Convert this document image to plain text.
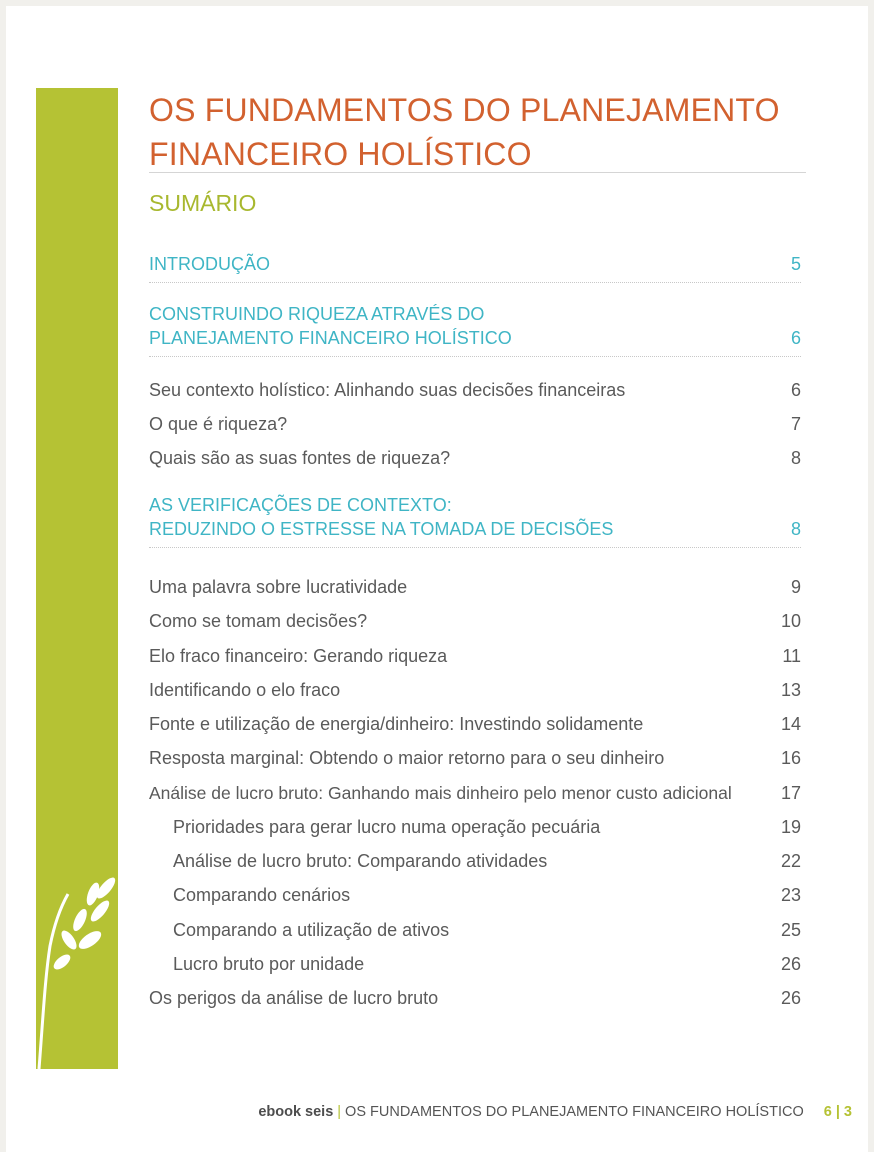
OS FUNDAMENTOS DO PLANEJAMENTO
FINANCEIRO HOLÍSTICO
SUMÁRIO
INTRODUÇÃO	5
CONSTRUINDO RIQUEZA ATRAVÉS DO
PLANEJAMENTO FINANCEIRO HOLÍSTICO	6
Seu contexto holístico: Alinhando suas decisões financeiras	6
O que é riqueza?	7
Quais são as suas fontes de riqueza?	8
AS VERIFICAÇÕES DE CONTEXTO:
REDUZINDO O ESTRESSE NA TOMADA DE DECISÕES	8
Uma palavra sobre lucratividade	9
Como se tomam decisões?	10
Elo fraco financeiro: Gerando riqueza	11
Identificando o elo fraco	13
Fonte e utilização de energia/dinheiro: Investindo solidamente	14
Resposta marginal: Obtendo o maior retorno para o seu dinheiro	16
Análise de lucro bruto: Ganhando mais dinheiro pelo menor custo adicional	17
Prioridades para gerar lucro numa operação pecuária	19
Análise de lucro bruto: Comparando atividades	22
Comparando cenários	23
Comparando a utilização de ativos	25
Lucro bruto por unidade	26
Os perigos da análise de lucro bruto	26
ebook seis | OS FUNDAMENTOS DO PLANEJAMENTO FINANCEIRO HOLÍSTICO 6 | 3
